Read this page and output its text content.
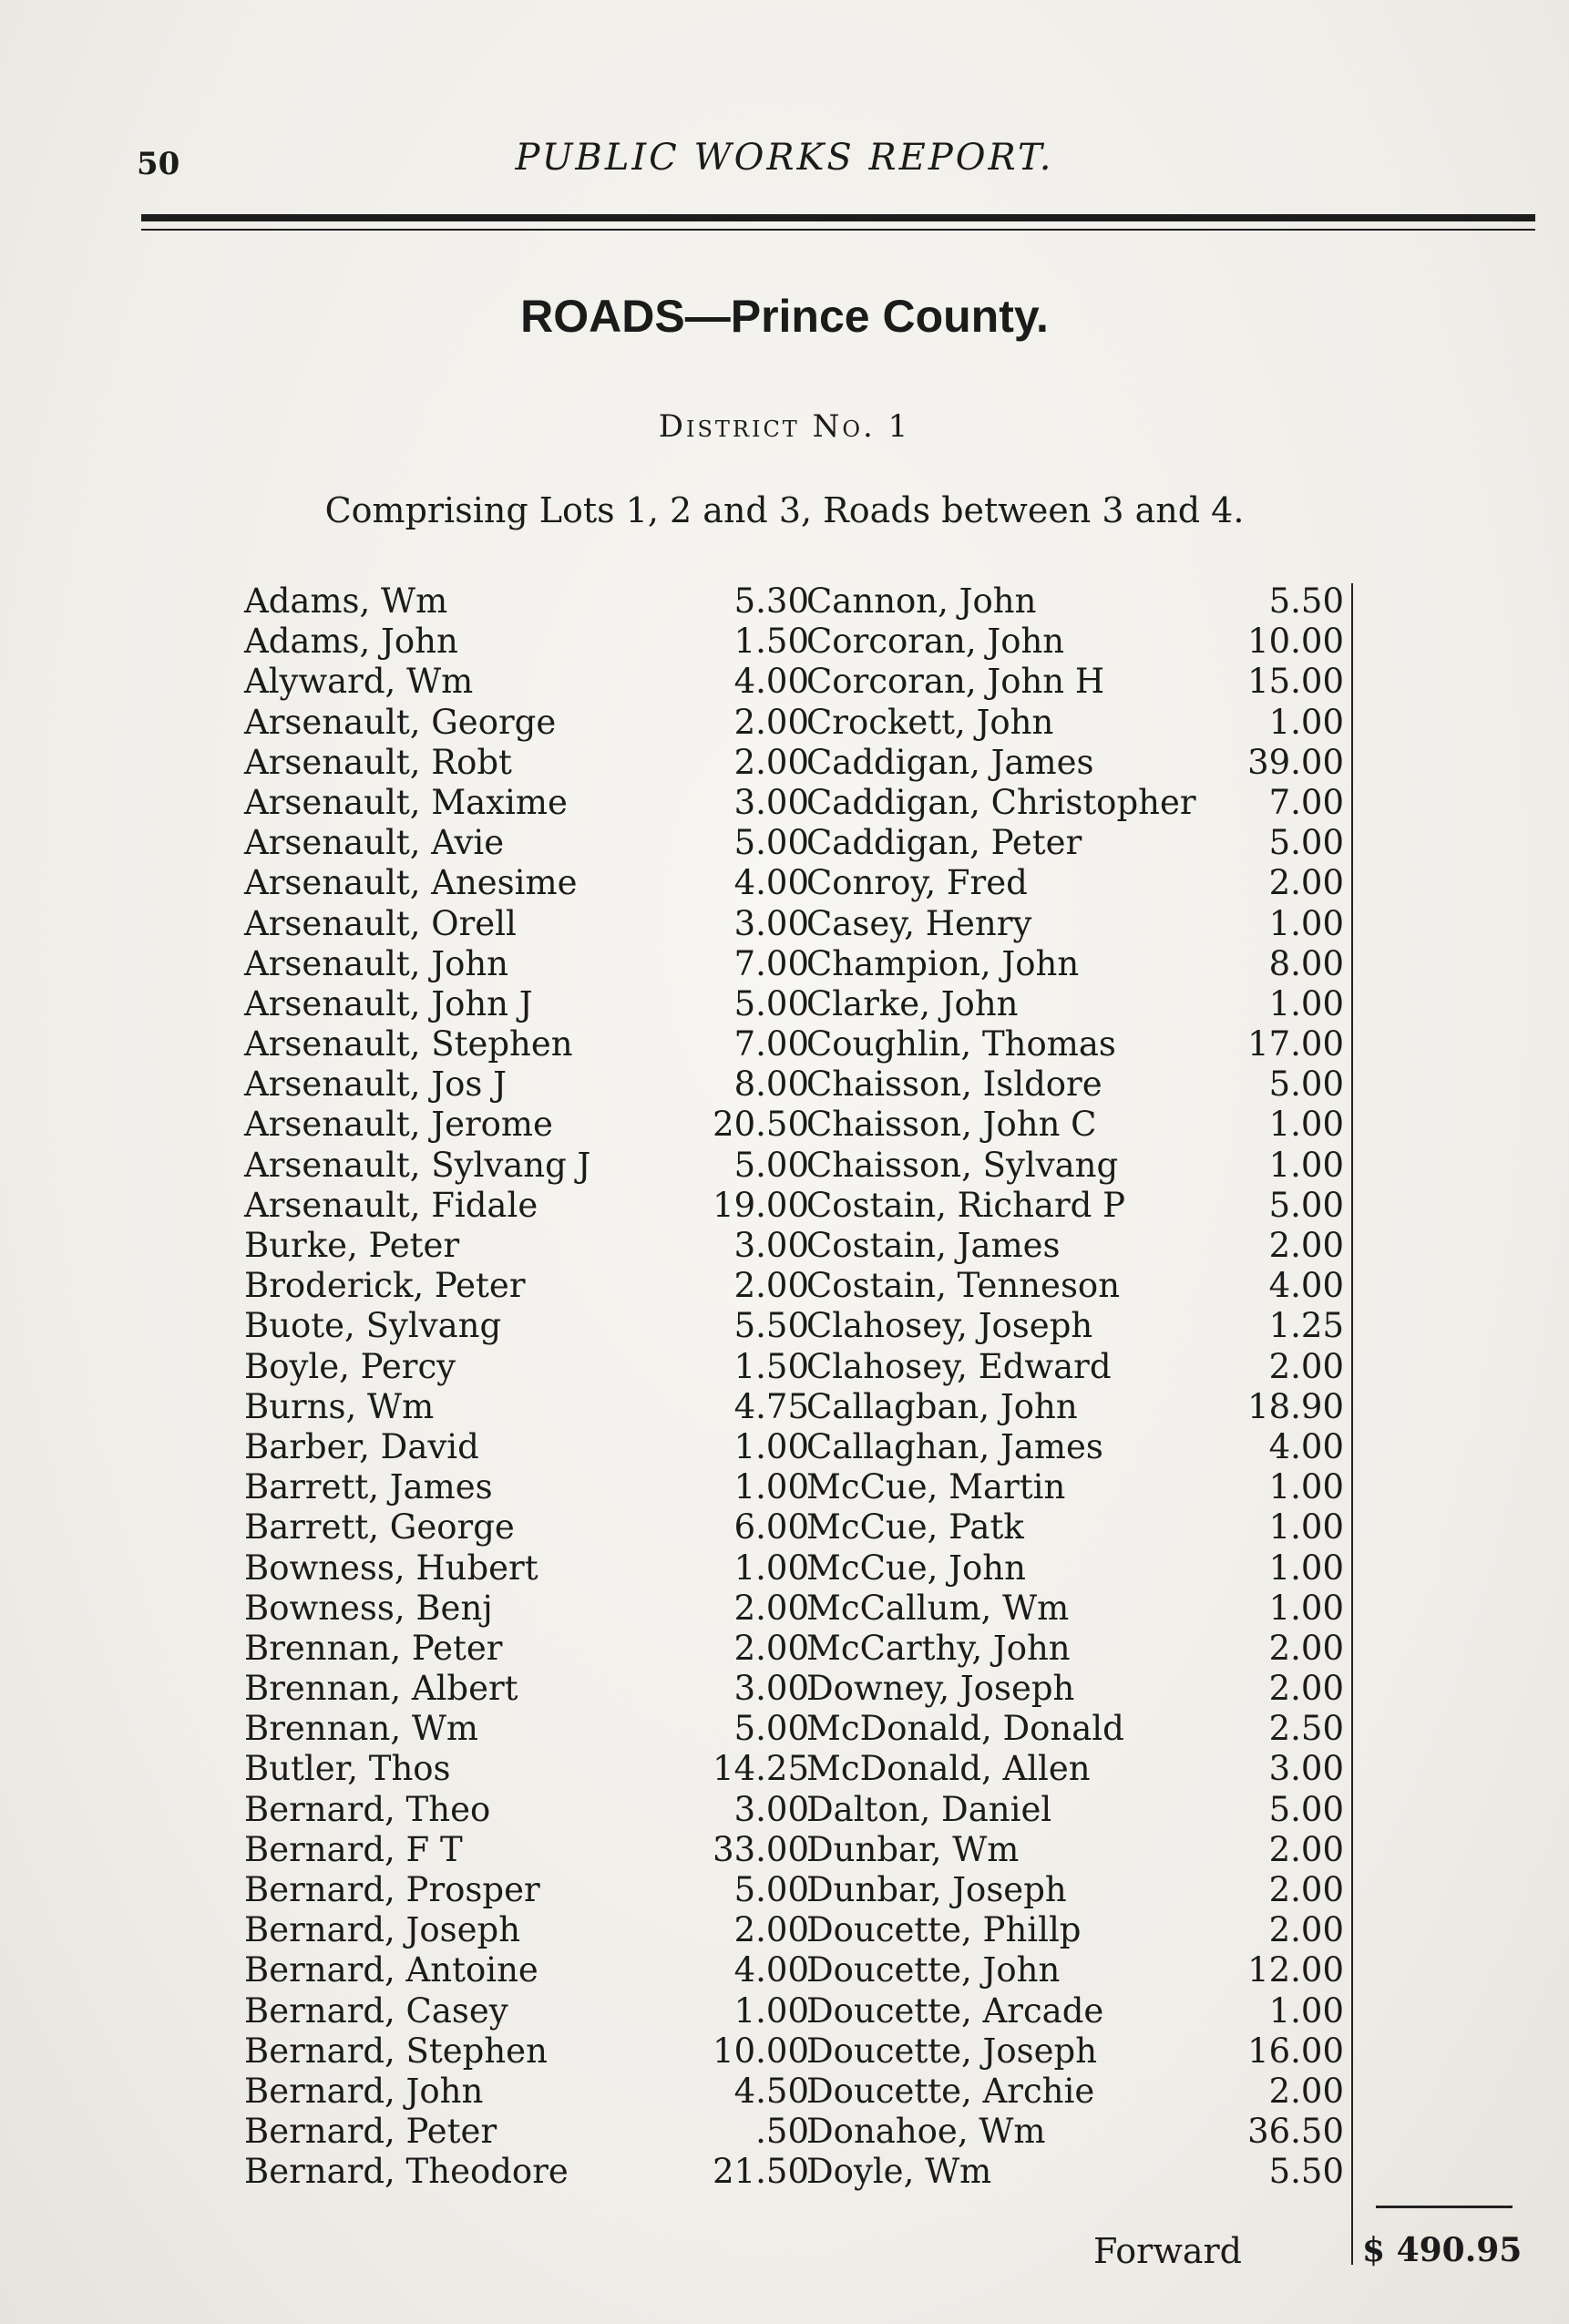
50	PUBLIC WORKS REPORT.
ROADS—Prince County.
District No. 1
Comprising Lots 1, 2 and 3, Roads between 3 and 4.
Adams, Wm	5.30
Adams, John	1.50
Alyward, Wm	4.00
Arsenault, George	2.00
Arsenault, Robt	2.00
Arsenault, Maxime	3.00
Arsenault, Avie	5.00
Arsenault, Anesime	4.00
Arsenault, Orell	3.00
Arsenault, John	7.00
Arsenault, John J	5.00
Arsenault, Stephen	7.00
Arsenault, Jos J	8.00
Arsenault, Jerome	20.50
Arsenault, Sylvang J	5.00
Arsenault, Fidale	19.00
Burke, Peter	3.00
Broderick, Peter	2.00
Buote, Sylvang	5.50
Boyle, Percy	1.50
Burns, Wm	4.75
Barber, David	1.00
Barrett, James	1.00
Barrett, George	6.00
Bowness, Hubert	1.00
Bowness, Benj	2.00
Brennan, Peter	2.00
Brennan, Albert	3.00
Brennan, Wm	5.00
Butler, Thos	14.25
Bernard, Theo	3.00
Bernard, F T	33.00
Bernard, Prosper	5.00
Bernard, Joseph	2.00
Bernard, Antoine	4.00
Bernard, Casey	1.00
Bernard, Stephen	10.00
Bernard, John	4.50
Bernard, Peter	.50
Bernard, Theodore	21.50
Cannon, John	5.50
Corcoran, John	10.00
Corcoran, John H	15.00
Crockett, John	1.00
Caddigan, James	39.00
Caddigan, Christopher 7.00
Caddigan, Peter	5.00
Conroy, Fred	2.00
Casey, Henry	1.00
Champion, John	8.00
Clarke, John	1.00
Coughlin, Thomas	17.00
Chaisson, Isldore	5.00
Chaisson, John C	1.00
Chaisson, Sylvang	1.00
Costain, Richard P	5.00
Costain, James	2.00
Costain, Tenneson	4.00
Clahosey, Joseph	1.25
Clahosey, Edward	2.00
Callagban, John	18.90
Callaghan, James	4.00
McCue, Martin	1.00
McCue, Patk	1.00
McCue, John	1.00
McCallum, Wm	1.00
McCarthy, John	2.00
Downey, Joseph	2.00
McDonald, Donald	2.50
McDonald, Allen	3.00
Dalton, Daniel	5.00
Dunbar, Wm	2.00
Dunbar, Joseph	2.00
Doucette, Phillp	2.00
Doucette, John	12.00
Doucette, Arcade	1.00
Doucette, Joseph	16.00
Doucette, Archie	2.00
Donahoe, Wm	36.50
Doyle, Wm	5.50
Forward	$ 490.95
